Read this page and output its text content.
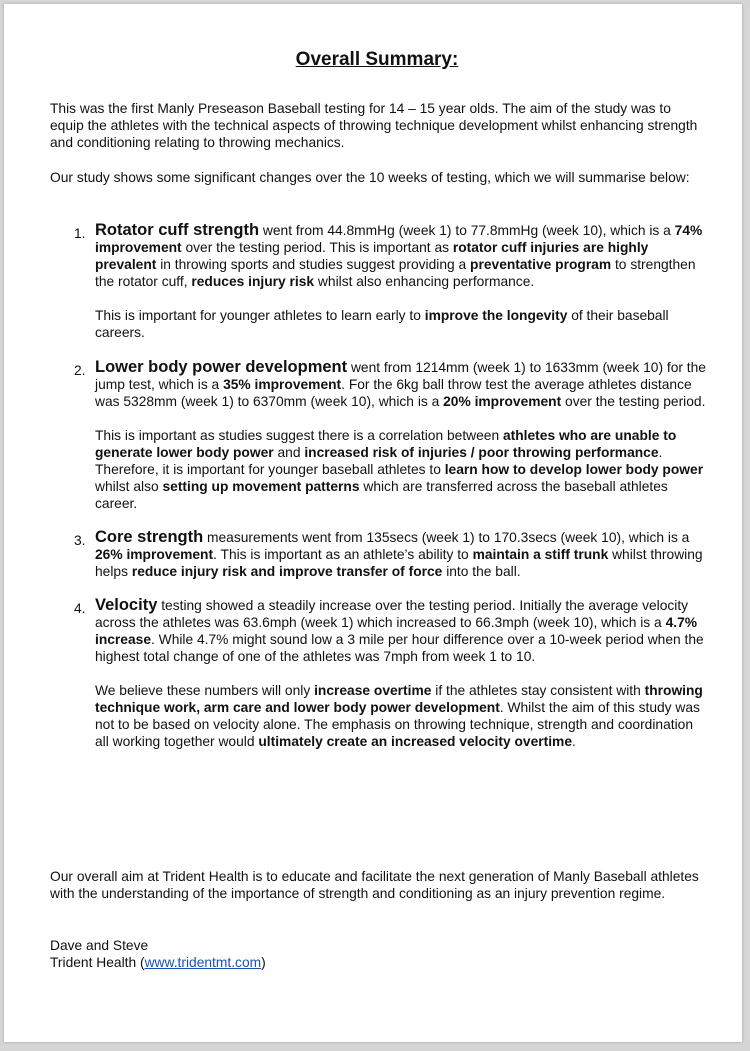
Overall Summary:

This was the first Manly Preseason Baseball testing for 14 – 15 year olds. The aim of the study was to equip the athletes with the technical aspects of throwing technique development whilst enhancing strength and conditioning relating to throwing mechanics.

Our study shows some significant changes over the 10 weeks of testing, which we will summarise below:

1. Rotator cuff strength went from 44.8mmHg (week 1) to 77.8mmHg (week 10), which is a 74% improvement over the testing period. This is important as rotator cuff injuries are highly prevalent in throwing sports and studies suggest providing a preventative program to strengthen the rotator cuff, reduces injury risk whilst also enhancing performance.

This is important for younger athletes to learn early to improve the longevity of their baseball careers.

2. Lower body power development went from 1214mm (week 1) to 1633mm (week 10) for the jump test, which is a 35% improvement. For the 6kg ball throw test the average athletes distance was 5328mm (week 1) to 6370mm (week 10), which is a 20% improvement over the testing period.

This is important as studies suggest there is a correlation between athletes who are unable to generate lower body power and increased risk of injuries / poor throwing performance. Therefore, it is important for younger baseball athletes to learn how to develop lower body power whilst also setting up movement patterns which are transferred across the baseball athletes career.

3. Core strength measurements went from 135secs (week 1) to 170.3secs (week 10), which is a 26% improvement. This is important as an athlete’s ability to maintain a stiff trunk whilst throwing helps reduce injury risk and improve transfer of force into the ball.

4. Velocity testing showed a steadily increase over the testing period. Initially the average velocity across the athletes was 63.6mph (week 1) which increased to 66.3mph (week 10), which is a 4.7% increase. While 4.7% might sound low a 3 mile per hour difference over a 10-week period when the highest total change of one of the athletes was 7mph from week 1 to 10.

We believe these numbers will only increase overtime if the athletes stay consistent with throwing technique work, arm care and lower body power development. Whilst the aim of this study was not to be based on velocity alone. The emphasis on throwing technique, strength and coordination all working together would ultimately create an increased velocity overtime.

Our overall aim at Trident Health is to educate and facilitate the next generation of Manly Baseball athletes with the understanding of the importance of strength and conditioning as an injury prevention regime.

Dave and Steve
Trident Health (www.tridentmt.com)
